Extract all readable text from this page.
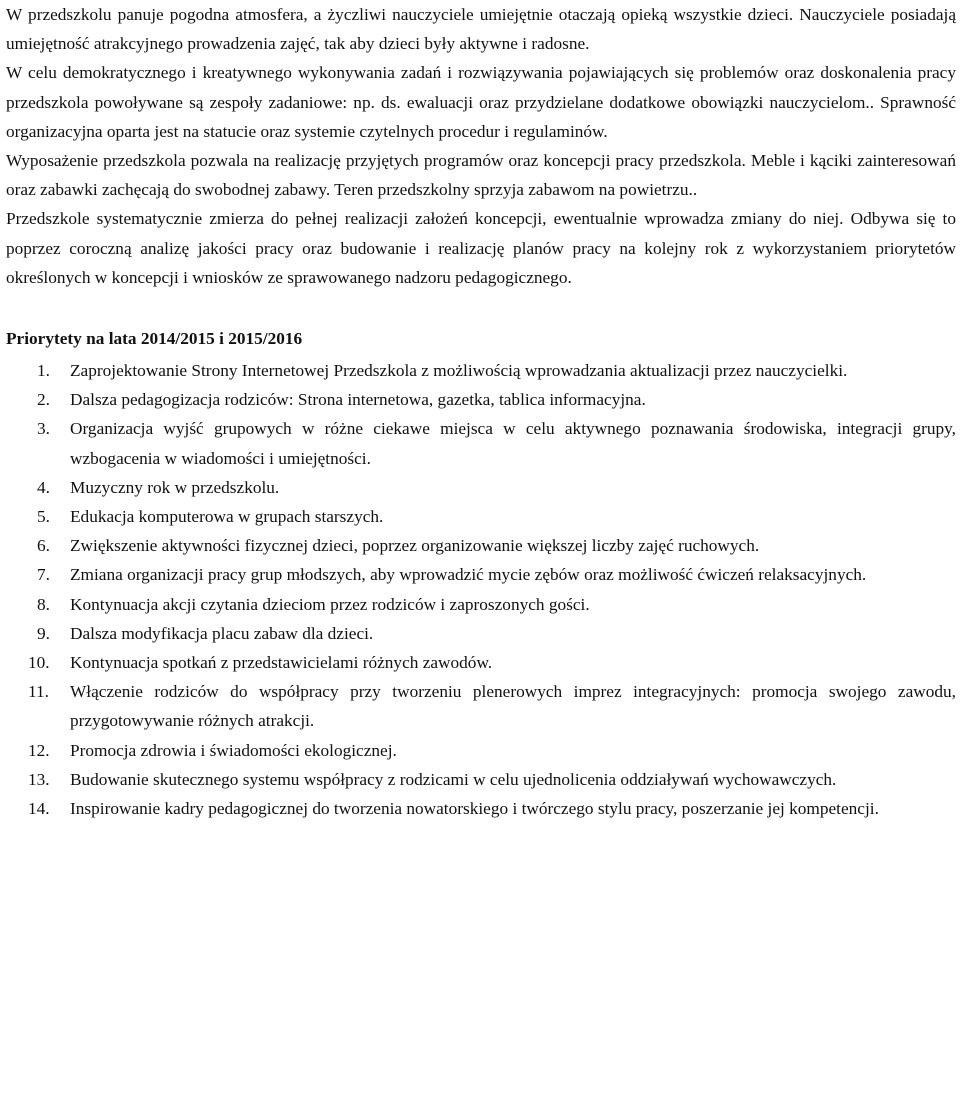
W przedszkolu panuje pogodna atmosfera, a życzliwi nauczyciele umiejętnie otaczają opieką wszystkie dzieci. Nauczyciele posiadają umiejętność atrakcyjnego prowadzenia zajęć, tak aby dzieci były aktywne i radosne.

W celu demokratycznego i kreatywnego wykonywania zadań i rozwiązywania pojawiających się problemów oraz doskonalenia pracy przedszkola powoływane są zespoły zadaniowe: np. ds. ewaluacji oraz przydzielane dodatkowe obowiązki nauczycielom.. Sprawność organizacyjna oparta jest na statucie oraz systemie czytelnych procedur i regulaminów.

Wyposażenie przedszkola pozwala na realizację przyjętych programów oraz koncepcji pracy przedszkola. Meble i kąciki zainteresowań oraz zabawki zachęcają do swobodnej zabawy. Teren przedszkolny sprzyja zabawom na powietrzu..

Przedszkole systematycznie zmierza do pełnej realizacji założeń koncepcji, ewentualnie wprowadza zmiany do niej. Odbywa się to poprzez coroczną analizę jakości pracy oraz budowanie i realizację planów pracy na kolejny rok z wykorzystaniem priorytetów określonych w koncepcji i wniosków ze sprawowanego nadzoru pedagogicznego.

Priorytety na lata 2014/2015 i 2015/2016

1. Zaprojektowanie Strony Internetowej Przedszkola z możliwością wprowadzania aktualizacji przez nauczycielki.
2. Dalsza pedagogizacja rodziców: Strona internetowa, gazetka, tablica informacyjna.
3. Organizacja wyjść grupowych w różne ciekawe miejsca w celu aktywnego poznawania środowiska, integracji grupy, wzbogacenia w wiadomości i umiejętności.
4. Muzyczny rok w przedszkolu.
5. Edukacja komputerowa w grupach starszych.
6. Zwiększenie aktywności fizycznej dzieci, poprzez organizowanie większej liczby zajęć ruchowych.
7. Zmiana organizacji pracy grup młodszych, aby wprowadzić mycie zębów oraz możliwość ćwiczeń relaksacyjnych.
8. Kontynuacja akcji czytania dzieciom przez rodziców i zaproszonych gości.
9. Dalsza modyfikacja placu zabaw dla dzieci.
10. Kontynuacja spotkań z przedstawicielami różnych zawodów.
11. Włączenie rodziców do współpracy przy tworzeniu plenerowych imprez integracyjnych: promocja swojego zawodu, przygotowywanie różnych atrakcji.
12. Promocja zdrowia i świadomości ekologicznej.
13. Budowanie skutecznego systemu współpracy z rodzicami w celu ujednolicenia oddziaływań wychowawczych.
14. Inspirowanie kadry pedagogicznej do tworzenia nowatorskiego i twórczego stylu pracy, poszerzanie jej kompetencji.
